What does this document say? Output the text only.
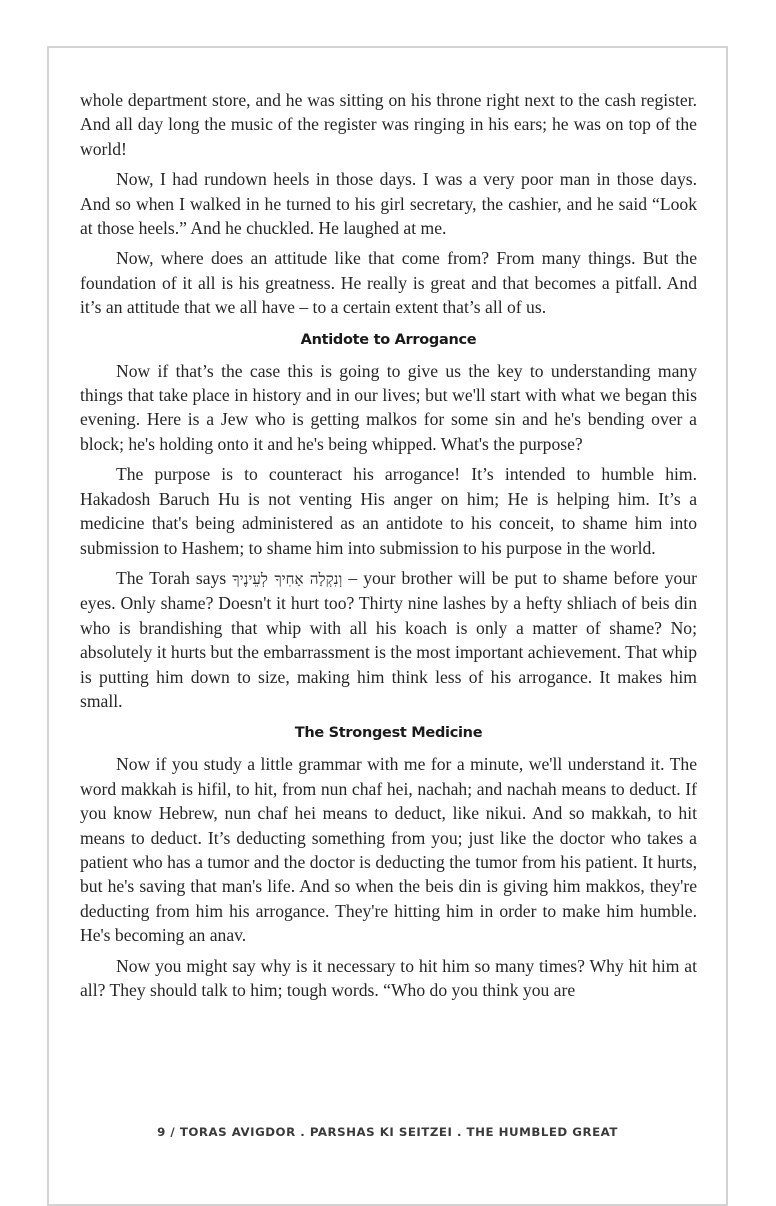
whole department store, and he was sitting on his throne right next to the cash register. And all day long the music of the register was ringing in his ears; he was on top of the world!

Now, I had rundown heels in those days. I was a very poor man in those days. And so when I walked in he turned to his girl secretary, the cashier, and he said “Look at those heels.” And he chuckled. He laughed at me.

Now, where does an attitude like that come from? From many things. But the foundation of it all is his greatness. He really is great and that becomes a pitfall. And it’s an attitude that we all have – to a certain extent that’s all of us.

Antidote to Arrogance

Now if that’s the case this is going to give us the key to understanding many things that take place in history and in our lives; but we'll start with what we began this evening. Here is a Jew who is getting malkos for some sin and he's bending over a block; he's holding onto it and he's being whipped. What's the purpose?

The purpose is to counteract his arrogance! It’s intended to humble him. Hakadosh Baruch Hu is not venting His anger on him; He is helping him. It’s a medicine that's being administered as an antidote to his conceit, to shame him into submission to Hashem; to shame him into submission to his purpose in the world.

The Torah says וְנִקְלָה אָחִיךָ לְעֵינֶיךָ – your brother will be put to shame before your eyes. Only shame? Doesn't it hurt too? Thirty nine lashes by a hefty shliach of beis din who is brandishing that whip with all his koach is only a matter of shame? No; absolutely it hurts but the embarrassment is the most important achievement. That whip is putting him down to size, making him think less of his arrogance. It makes him small.

The Strongest Medicine

Now if you study a little grammar with me for a minute, we'll understand it. The word makkah is hifil, to hit, from nun chaf hei, nachah; and nachah means to deduct. If you know Hebrew, nun chaf hei means to deduct, like nikui. And so makkah, to hit means to deduct. It’s deducting something from you; just like the doctor who takes a patient who has a tumor and the doctor is deducting the tumor from his patient. It hurts, but he's saving that man's life. And so when the beis din is giving him makkos, they're deducting from him his arrogance. They're hitting him in order to make him humble. He's becoming an anav.

Now you might say why is it necessary to hit him so many times? Why hit him at all? They should talk to him; tough words. “Who do you think you are

9 / TORAS AVIGDOR . PARSHAS KI SEITZEI . THE HUMBLED GREAT
